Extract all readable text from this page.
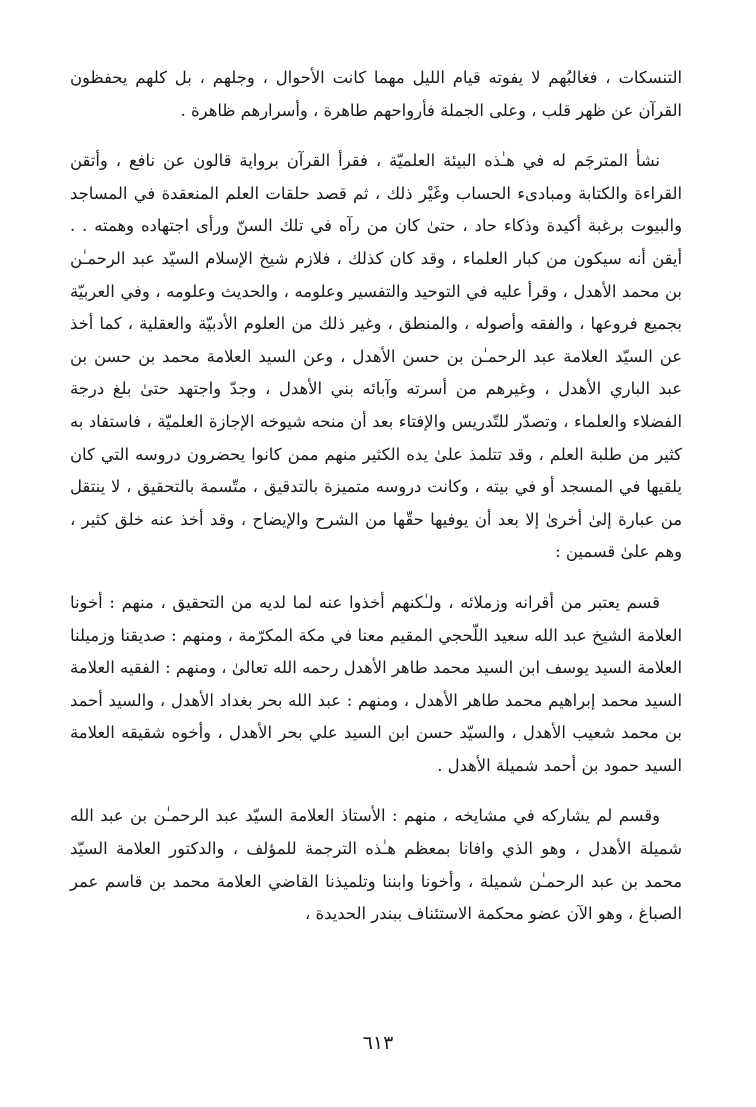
التنسكات ، فغالبُهم لا يفوته قيام الليل مهما كانت الأحوال ، وجلهم ، بل كلهم يحفظون القرآن عن ظهر قلب ، وعلى الجملة فأرواحهم طاهرة ، وأسرارهم ظاهرة .

نشأ المترجَم له في هـٰذه البيئة العلميّة ، فقرأ القرآن برواية قالون عن نافع ، وأتقن القراءة والكتابة ومبادىء الحساب وغَيْر ذلك ، ثم قصد حلقات العلم المنعقدة في المساجد والبيوت برغبة أكيدة وذكاء حاد ، حتىٰ كان من رآه في تلك السنّ ورأى اجتهاده وهمته . . أيقن أنه سيكون من كبار العلماء ، وقد كان كذلك ، فلازم شيخ الإسلام السيّد عبد الرحمـٰن بن محمد الأهدل ، وقرأ عليه في التوحيد والتفسير وعلومه ، والحديث وعلومه ، وفي العربيّة بجميع فروعها ، والفقه وأصوله ، والمنطق ، وغير ذلك من العلوم الأدبيّة والعقلية ، كما أخذ عن السيّد العلامة عبد الرحمـٰن بن حسن الأهدل ، وعن السيد العلامة محمد بن حسن بن عبد الباري الأهدل ، وغيرهم من أسرته وآبائه بني الأهدل ، وجدّ واجتهد حتىٰ بلغ درجة الفضلاء والعلماء ، وتصدّر للتّدريس والإفتاء بعد أن منحه شيوخه الإجازة العلميّة ، فاستفاد به كثير من طلبة العلم ، وقد تتلمذ علىٰ يده الكثير منهم ممن كانوا يحضرون دروسه التي كان يلقيها في المسجد أو في بيته ، وكانت دروسه متميزة بالتدقيق ، متّسمة بالتحقيق ، لا ينتقل من عبارة إلىٰ أخرىٰ إلا بعد أن يوفيها حقّها من الشرح والإيضاح ، وقد أخذ عنه خلق كثير ، وهم علىٰ قسمين :

قسم يعتبر من أقرانه وزملائه ، ولـٰكنهم أخذوا عنه لما لديه من التحقيق ، منهم : أخونا العلامة الشيخ عبد الله سعيد اللّحجي المقيم معنا في مكة المكرّمة ، ومنهم : صديقنا وزميلنا العلامة السيد يوسف ابن السيد محمد طاهر الأهدل رحمه الله تعالىٰ ، ومنهم : الفقيه العلامة السيد محمد إبراهيم محمد طاهر الأهدل ، ومنهم : عبد الله بحر بغداد الأهدل ، والسيد أحمد بن محمد شعيب الأهدل ، والسيّد حسن ابن السيد علي بحر الأهدل ، وأخوه شقيقه العلامة السيد حمود بن أحمد شميلة الأهدل .

وقسم لم يشاركه في مشايخه ، منهم : الأستاذ العلامة السيّد عبد الرحمـٰن بن عبد الله شميلة الأهدل ، وهو الذي وافانا بمعظم هـٰذه الترجمة للمؤلف ، والدكتور العلامة السيّد محمد بن عبد الرحمـٰن شميلة ، وأخونا وابننا وتلميذنا القاضي العلامة محمد بن قاسم عمر الصباغ ، وهو الآن عضو محكمة الاستئناف ببندر الحديدة ،

٦١٣
